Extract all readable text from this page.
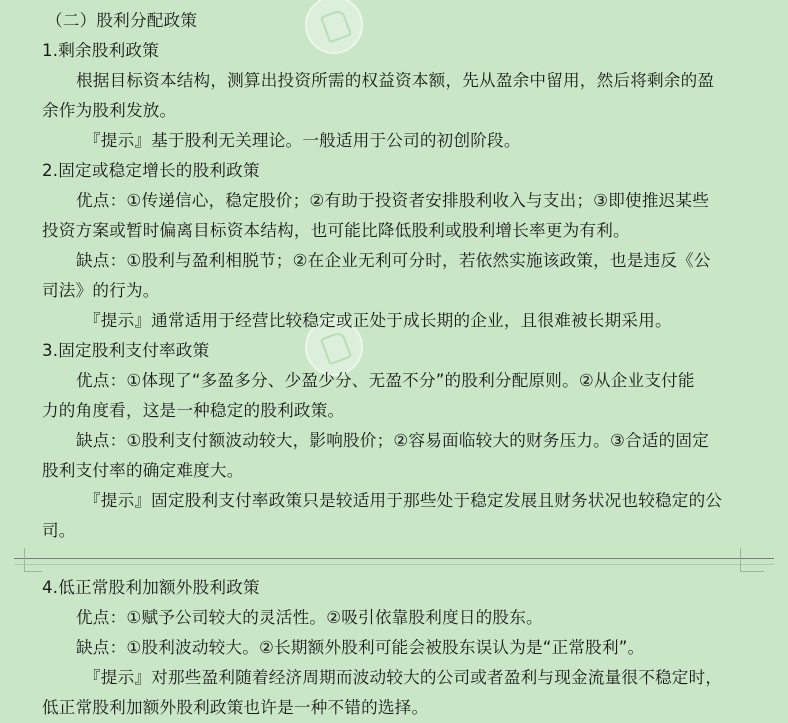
（二）股利分配政策
1.剩余股利政策
根据目标资本结构，测算出投资所需的权益资本额，先从盈余中留用，然后将剩余的盈
余作为股利发放。
『提示』基于股利无关理论。一般适用于公司的初创阶段。
2.固定或稳定增长的股利政策
优点：①传递信心，稳定股价；②有助于投资者安排股利收入与支出；③即使推迟某些
投资方案或暂时偏离目标资本结构，也可能比降低股利或股利增长率更为有利。
缺点：①股利与盈利相脱节；②在企业无利可分时，若依然实施该政策，也是违反《公
司法》的行为。
『提示』通常适用于经营比较稳定或正处于成长期的企业，且很难被长期采用。
3.固定股利支付率政策
优点：①体现了“多盈多分、少盈少分、无盈不分”的股利分配原则。②从企业支付能
力的角度看，这是一种稳定的股利政策。
缺点：①股利支付额波动较大，影响股价；②容易面临较大的财务压力。③合适的固定
股利支付率的确定难度大。
『提示』固定股利支付率政策只是较适用于那些处于稳定发展且财务状况也较稳定的公
司。
4.低正常股利加额外股利政策
优点：①赋予公司较大的灵活性。②吸引依靠股利度日的股东。
缺点：①股利波动较大。②长期额外股利可能会被股东误认为是“正常股利”。
『提示』对那些盈利随着经济周期而波动较大的公司或者盈利与现金流量很不稳定时，
低正常股利加额外股利政策也许是一种不错的选择。
